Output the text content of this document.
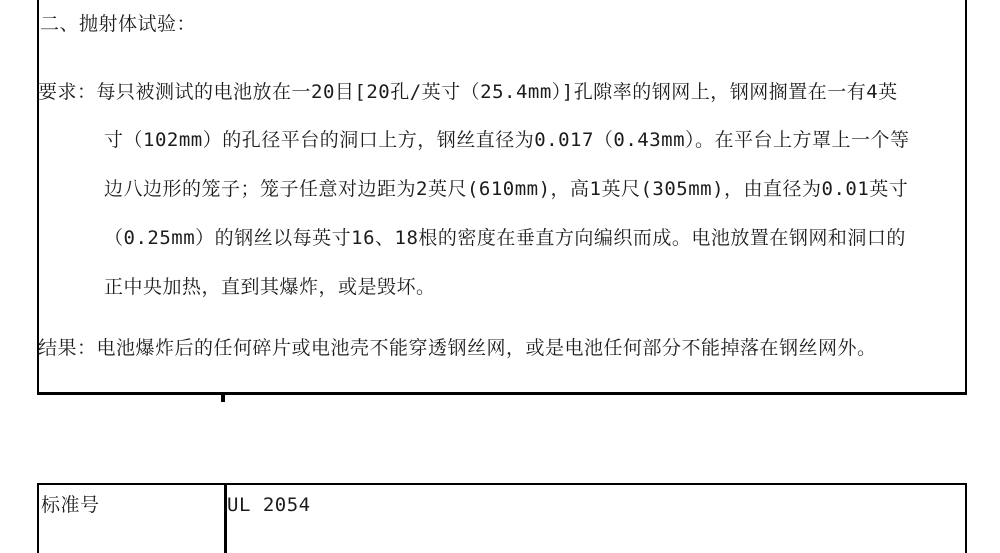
二、抛射体试验：
要求：每只被测试的电池放在一20目[20孔/英寸（25.4mm）]孔隙率的钢网上，钢网搁置在一有4英
寸（102mm）的孔径平台的洞口上方，钢丝直径为0.017（0.43mm）。在平台上方罩上一个等
边八边形的笼子；笼子任意对边距为2英尺(610mm)，高1英尺(305mm)，由直径为0.01英寸
（0.25mm）的钢丝以每英寸16、18根的密度在垂直方向编织而成。电池放置在钢网和洞口的
正中央加热，直到其爆炸，或是毁坏。
结果：电池爆炸后的任何碎片或电池壳不能穿透钢丝网，或是电池任何部分不能掉落在钢丝网外。
标准号	UL 2054
